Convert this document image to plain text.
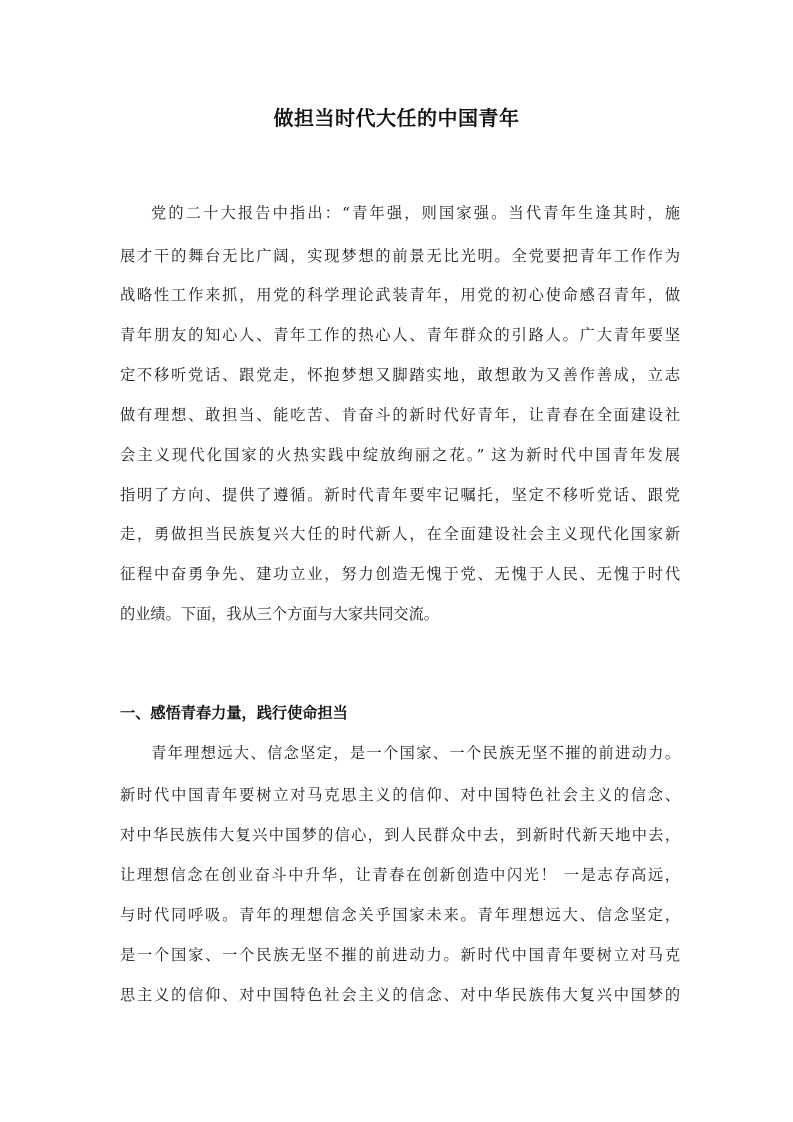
做担当时代大任的中国青年
党的二十大报告中指出：“青年强，则国家强。当代青年生逢其时，施
展才干的舞台无比广阔，实现梦想的前景无比光明。全党要把青年工作作为
战略性工作来抓，用党的科学理论武装青年，用党的初心使命感召青年，做
青年朋友的知心人、青年工作的热心人、青年群众的引路人。广大青年要坚
定不移听党话、跟党走，怀抱梦想又脚踏实地，敢想敢为又善作善成，立志
做有理想、敢担当、能吃苦、肯奋斗的新时代好青年，让青春在全面建设社
会主义现代化国家的火热实践中绽放绚丽之花。” 这为新时代中国青年发展
指明了方向、提供了遵循。新时代青年要牢记嘱托，坚定不移听党话、跟党
走，勇做担当民族复兴大任的时代新人，在全面建设社会主义现代化国家新
征程中奋勇争先、建功立业，努力创造无愧于党、无愧于人民、无愧于时代
的业绩。下面，我从三个方面与大家共同交流。
一、感悟青春力量，践行使命担当
青年理想远大、信念坚定，是一个国家、一个民族无坚不摧的前进动力。
新时代中国青年要树立对马克思主义的信仰、对中国特色社会主义的信念、
对中华民族伟大复兴中国梦的信心，到人民群众中去，到新时代新天地中去，
让理想信念在创业奋斗中升华，让青春在创新创造中闪光！ 一是志存高远，
与时代同呼吸。青年的理想信念关乎国家未来。青年理想远大、信念坚定，
是一个国家、一个民族无坚不摧的前进动力。新时代中国青年要树立对马克
思主义的信仰、对中国特色社会主义的信念、对中华民族伟大复兴中国梦的
